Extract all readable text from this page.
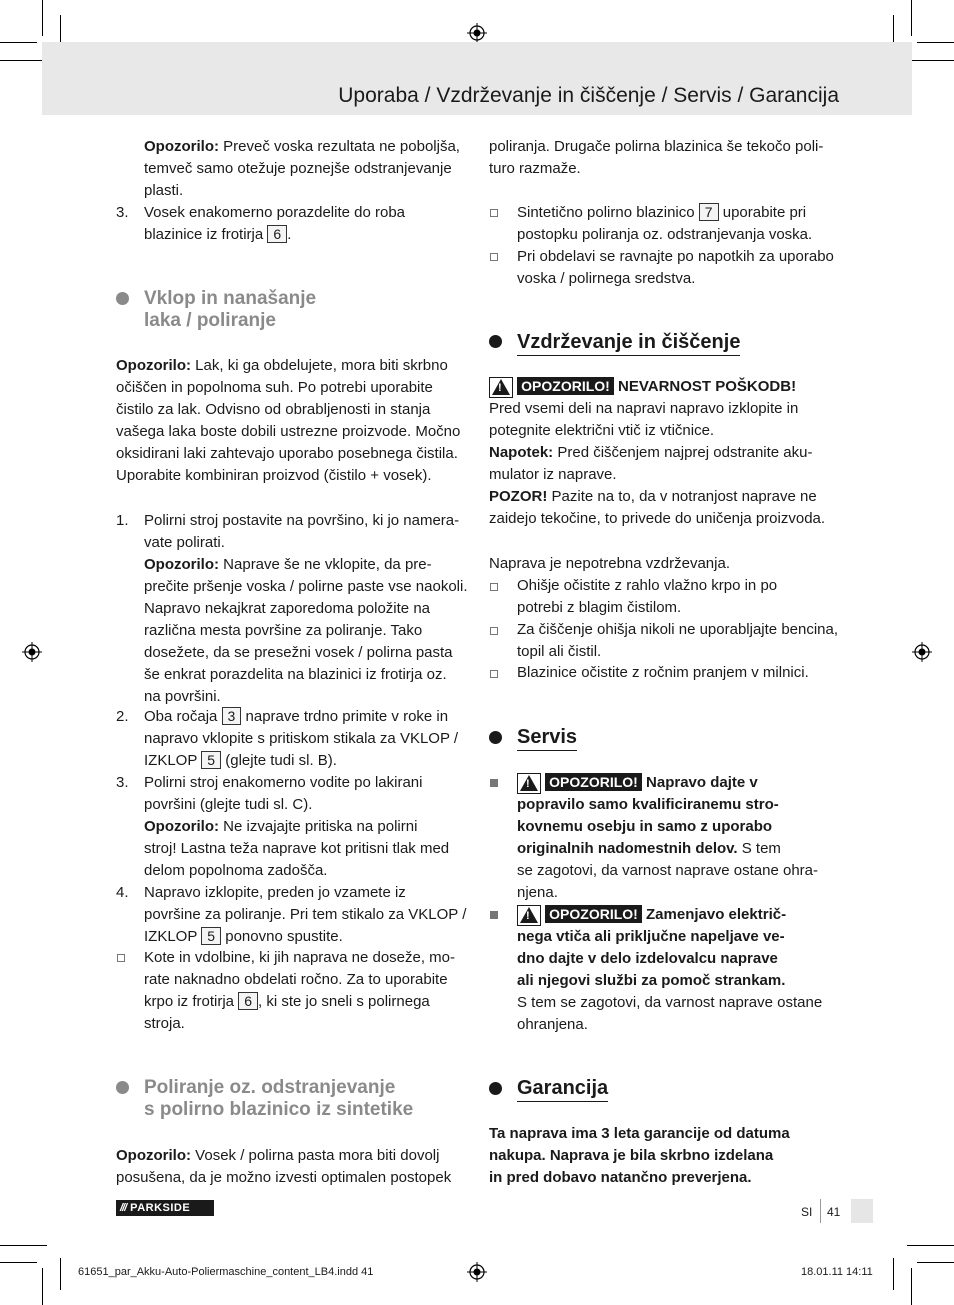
Uporaba / Vzdrževanje in čiščenje / Servis / Garancija
Opozorilo: Preveč voska rezultata ne poboljša,
temveč samo otežuje poznejše odstranjevanje
plasti.
3. Vosek enakomerno porazdelite do roba
blazinice iz frotirja 6 .
Vklop in nanašanje
laka / poliranje
Opozorilo: Lak, ki ga obdelujete, mora biti skrbno
očiščen in popolnoma suh. Po potrebi uporabite
čistilo za lak. Odvisno od obrabljenosti in stanja
vašega laka boste dobili ustrezne proizvode. Močno
oksidirani laki zahtevajo uporabo posebnega čistila.
Uporabite kombiniran proizvod (čistilo + vosek).
1. Polirni stroj postavite na površino, ki jo namera-
vate polirati.
Opozorilo: Naprave še ne vklopite, da pre-
prečite pršenje voska / polirne paste vse naokoli.
Napravo nekajkrat zaporedoma položite na
različna mesta površine za poliranje. Tako
dosežete, da se presežni vosek / polirna pasta
še enkrat porazdelita na blazinici iz frotirja oz.
na površini.
2. Oba ročaja 3 naprave trdno primite v roke in
napravo vklopite s pritiskom stikala za VKLOP /
IZKLOP 5 (glejte tudi sl. B).
3. Polirni stroj enakomerno vodite po lakirani
površini (glejte tudi sl. C).
Opozorilo: Ne izvajajte pritiska na polirni
stroj! Lastna teža naprave kot pritisni tlak med
delom popolnoma zadošča.
4. Napravo izklopite, preden jo vzamete iz
površine za poliranje. Pri tem stikalo za VKLOP /
IZKLOP 5 ponovno spustite.
Kote in vdolbine, ki jih naprava ne doseže, mo-
rate naknadno obdelati ročno. Za to uporabite
krpo iz frotirja 6 , ki ste jo sneli s polirnega
stroja.
Poliranje oz. odstranjevanje
s polirno blazinico iz sintetike
Opozorilo: Vosek / polirna pasta mora biti dovolj
posušena, da je možno izvesti optimalen postopek
poliranja. Drugače polirna blazinica še tekočo poli-
turo razmaže.
Sintetično polirno blazinico 7 uporabite pri
postopku poliranja oz. odstranjevanja voska.
Pri obdelavi se ravnajte po napotkih za uporabo
voska / polirnega sredstva.
Vzdrževanje in čiščenje
! OPOZORILO! NEVARNOST POŠKODB!
Pred vsemi deli na napravi napravo izklopite in
potegnite električni vtič iz vtičnice.
Napotek: Pred čiščenjem najprej odstranite aku-
mulator iz naprave.
POZOR! Pazite na to, da v notranjost naprave ne
zaidejo tekočine, to privede do uničenja proizvoda.
Naprava je nepotrebna vzdrževanja.
Ohišje očistite z rahlo vlažno krpo in po
potrebi z blagim čistilom.
Za čiščenje ohišja nikoli ne uporabljajte bencina,
topil ali čistil.
Blazinice očistite z ročnim pranjem v milnici.
Servis
! OPOZORILO! Napravo dajte v
popravilo samo kvalificiranemu stro-
kovnemu osebju in samo z uporabo
originalnih nadomestnih delov. S tem
se zagotovi, da varnost naprave ostane ohra-
njena.
! OPOZORILO! Zamenjavo električ-
nega vtiča ali priključne napeljave ve-
dno dajte v delo izdelovalcu naprave
ali njegovi službi za pomoč strankam.
S tem se zagotovi, da varnost naprave ostane
ohranjena.
Garancija
Ta naprava ima 3 leta garancije od datuma
nakupa. Naprava je bila skrbno izdelana
in pred dobavo natančno preverjena.
/// PARKSIDE	SI 41
61651_par_Akku-Auto-Poliermaschine_content_LB4.indd 41	18.01.11 14:11
